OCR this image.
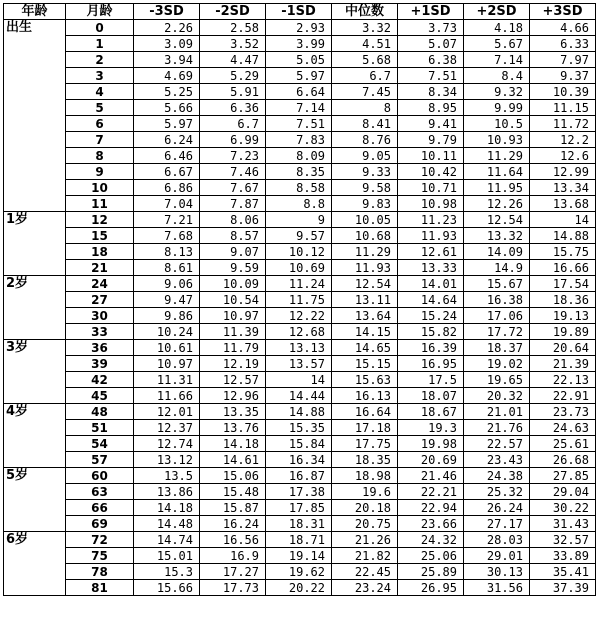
年龄	月龄	-3SD	-2SD	-1SD	中位数	+1SD	+2SD	+3SD
出生	0	2.26	2.58	2.93	3.32	3.73	4.18	4.66
	1	3.09	3.52	3.99	4.51	5.07	5.67	6.33
	2	3.94	4.47	5.05	5.68	6.38	7.14	7.97
	3	4.69	5.29	5.97	6.7	7.51	8.4	9.37
	4	5.25	5.91	6.64	7.45	8.34	9.32	10.39
	5	5.66	6.36	7.14	8	8.95	9.99	11.15
	6	5.97	6.7	7.51	8.41	9.41	10.5	11.72
	7	6.24	6.99	7.83	8.76	9.79	10.93	12.2
	8	6.46	7.23	8.09	9.05	10.11	11.29	12.6
	9	6.67	7.46	8.35	9.33	10.42	11.64	12.99
	10	6.86	7.67	8.58	9.58	10.71	11.95	13.34
	11	7.04	7.87	8.8	9.83	10.98	12.26	13.68
1岁	12	7.21	8.06	9	10.05	11.23	12.54	14
	15	7.68	8.57	9.57	10.68	11.93	13.32	14.88
	18	8.13	9.07	10.12	11.29	12.61	14.09	15.75
	21	8.61	9.59	10.69	11.93	13.33	14.9	16.66
2岁	24	9.06	10.09	11.24	12.54	14.01	15.67	17.54
	27	9.47	10.54	11.75	13.11	14.64	16.38	18.36
	30	9.86	10.97	12.22	13.64	15.24	17.06	19.13
	33	10.24	11.39	12.68	14.15	15.82	17.72	19.89
3岁	36	10.61	11.79	13.13	14.65	16.39	18.37	20.64
	39	10.97	12.19	13.57	15.15	16.95	19.02	21.39
	42	11.31	12.57	14	15.63	17.5	19.65	22.13
	45	11.66	12.96	14.44	16.13	18.07	20.32	22.91
4岁	48	12.01	13.35	14.88	16.64	18.67	21.01	23.73
	51	12.37	13.76	15.35	17.18	19.3	21.76	24.63
	54	12.74	14.18	15.84	17.75	19.98	22.57	25.61
	57	13.12	14.61	16.34	18.35	20.69	23.43	26.68
5岁	60	13.5	15.06	16.87	18.98	21.46	24.38	27.85
	63	13.86	15.48	17.38	19.6	22.21	25.32	29.04
	66	14.18	15.87	17.85	20.18	22.94	26.24	30.22
	69	14.48	16.24	18.31	20.75	23.66	27.17	31.43
6岁	72	14.74	16.56	18.71	21.26	24.32	28.03	32.57
	75	15.01	16.9	19.14	21.82	25.06	29.01	33.89
	78	15.3	17.27	19.62	22.45	25.89	30.13	35.41
	81	15.66	17.73	20.22	23.24	26.95	31.56	37.39
